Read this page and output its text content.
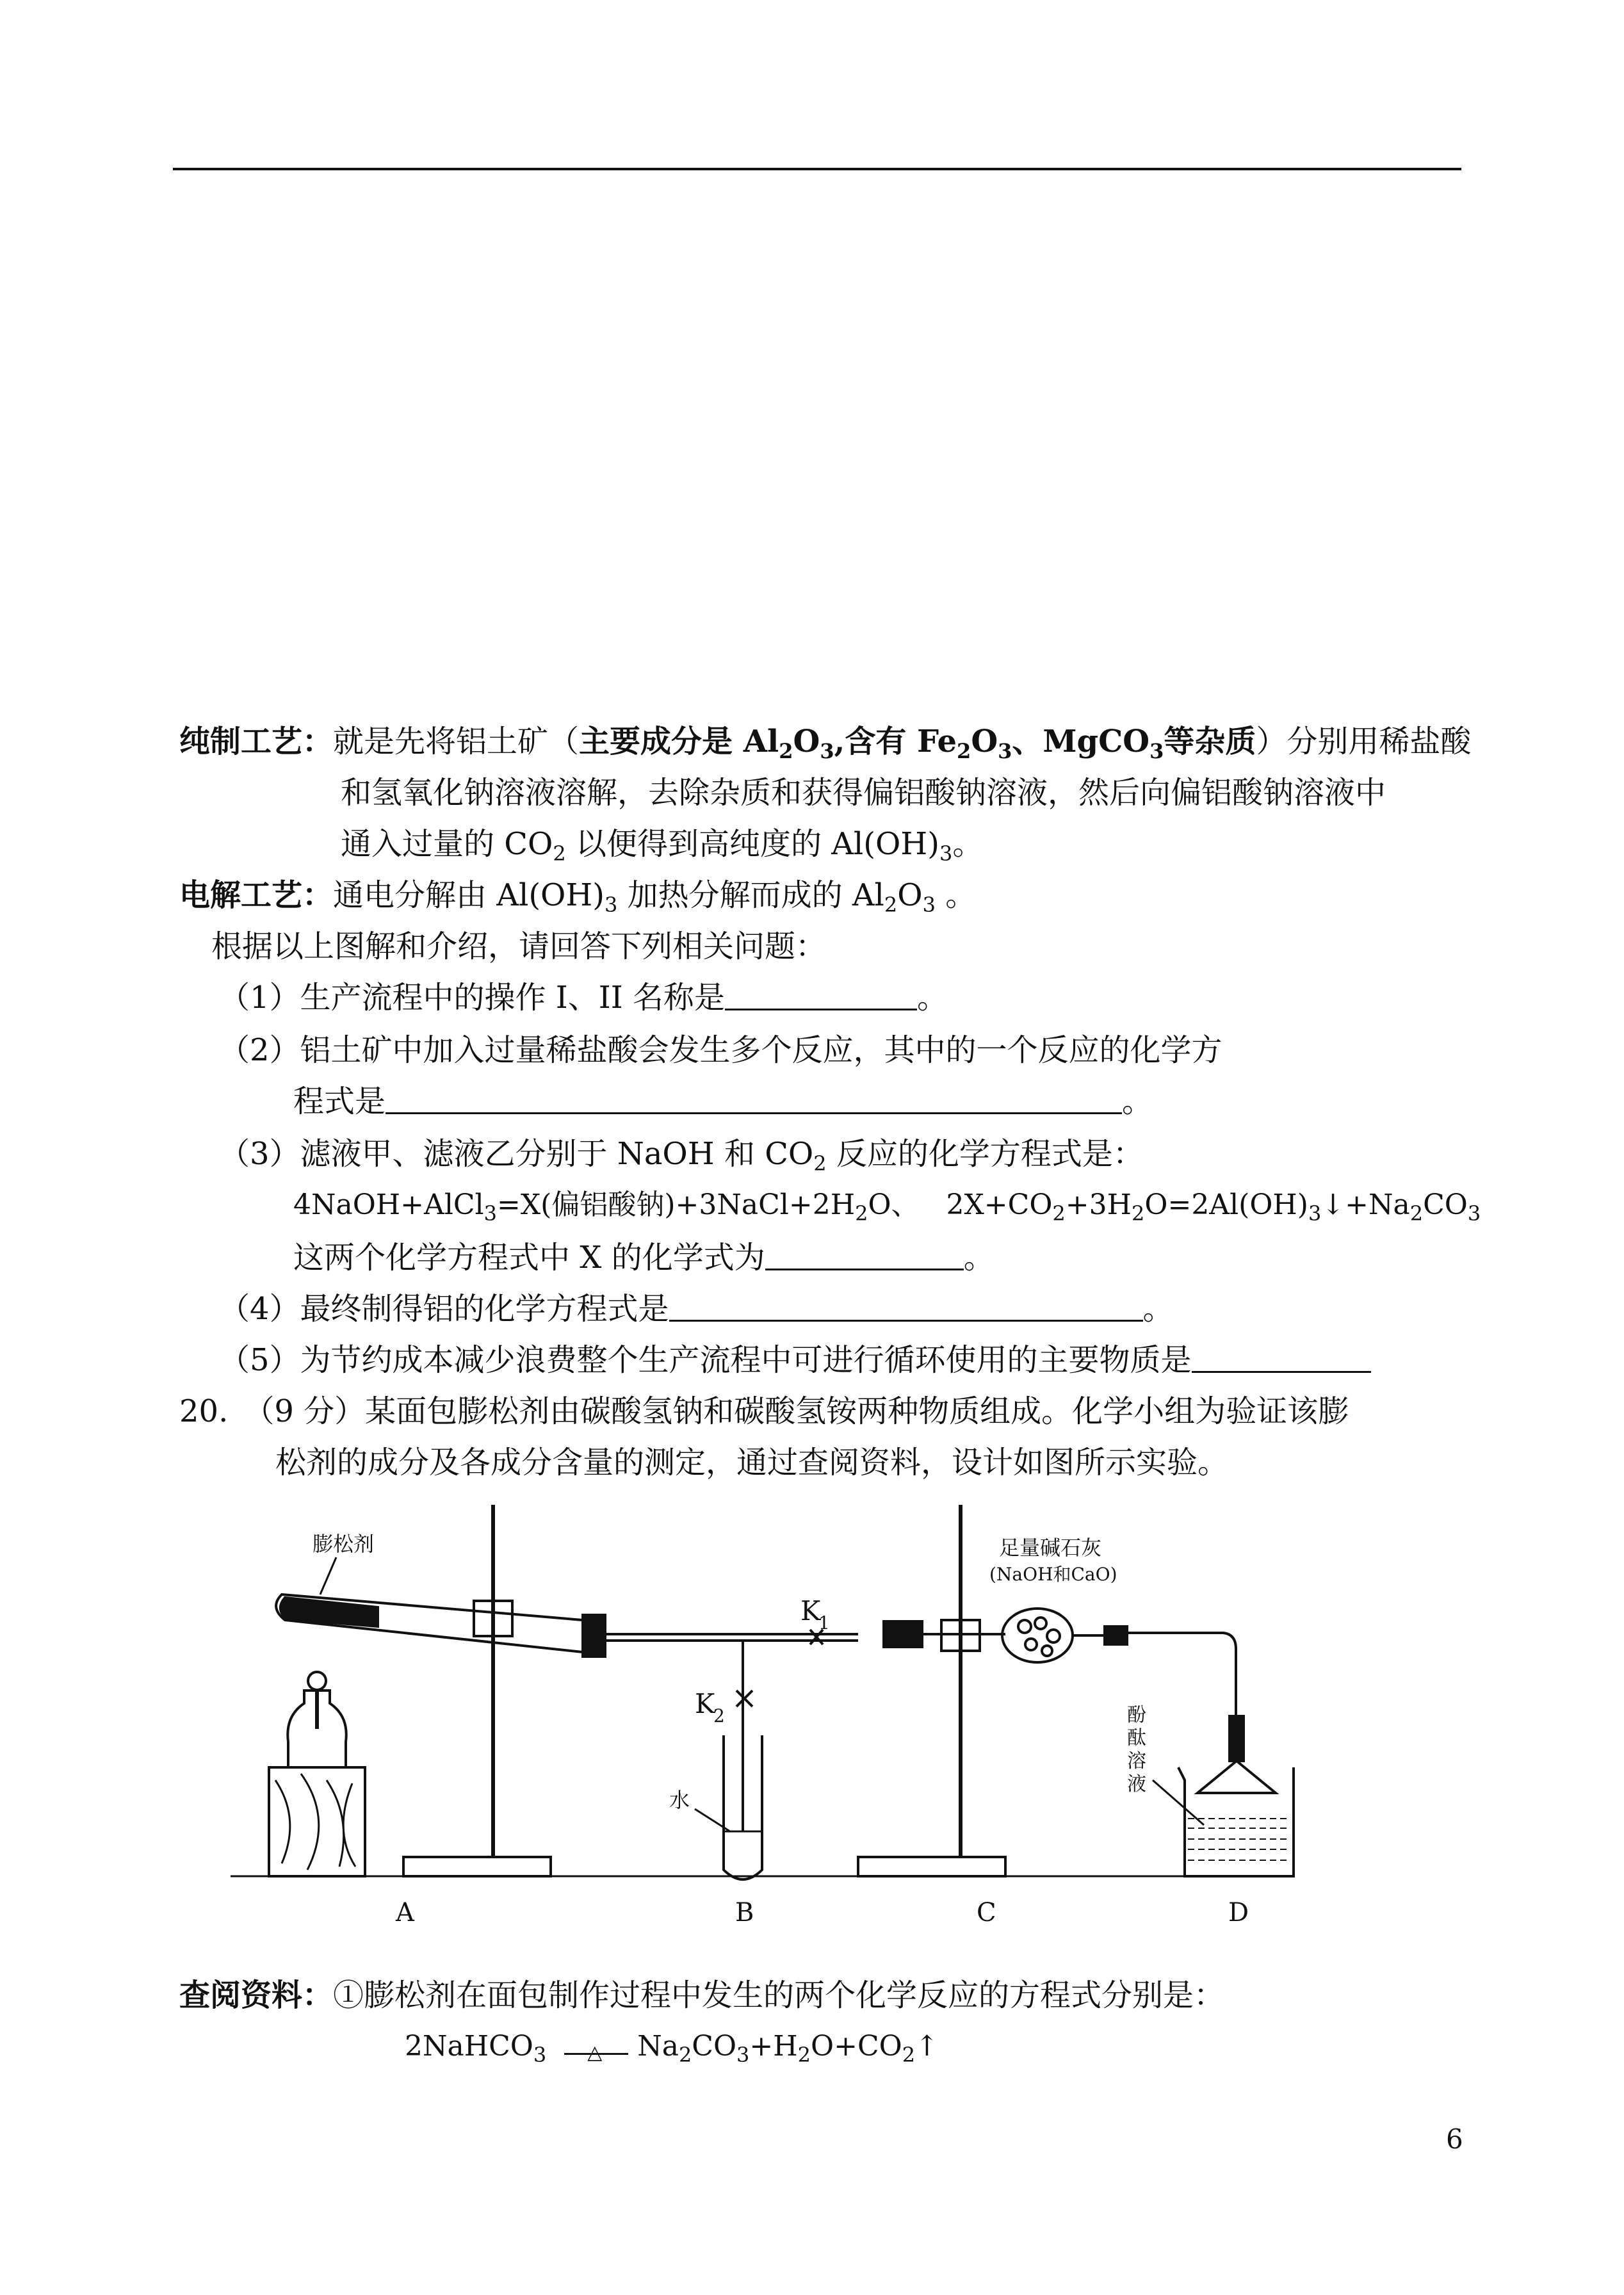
纯制工艺：就是先将铝土矿（主要成分是 $Al_2O_3$,含有 $Fe_2O_3$、MgCO$_3$等杂质）分别用稀盐酸
和氢氧化钠溶液溶解，去除杂质和获得偏铝酸钠溶液，然后向偏铝酸钠溶液中
通入过量的 $CO_2$ 以便得到高纯度的 $Al(OH)_3$。
电解工艺：通电分解由 $Al(OH)_3$ 加热分解而成的 $Al_2O_3$ 。
根据以上图解和介绍，请回答下列相关问题：
（1）生产流程中的操作 I、II 名称是	。
（2）铝土矿中加入过量稀盐酸会发生多个反应，其中的一个反应的化学方
程式是	。
（3）滤液甲、滤液乙分别于 NaOH 和 $CO_2$ 反应的化学方程式是：
4NaOH+AlCl$_3$=X(偏铝酸钠)$+3NaCl+2H_2O$、 $2X+CO_2+3H_2O=2Al(OH)_3↓+Na_2CO_3$
这两个化学方程式中 X 的化学式为	。
（4）最终制得铝的化学方程式是	。
（5）为节约成本减少浪费整个生产流程中可进行循环使用的主要物质是
20.　（9 分）某面包膨松剂由碳酸氢钠和碳酸氢铵两种物质组成。化学小组为验证该膨
松剂的成分及各成分含量的测定，通过查阅资料，设计如图所示实验。
膨松剂
A
K
1
K
2
水
B
足量碱石灰
(NaOH和CaO)
C
酚
酞
溶
液
D
查阅资料：①膨松剂在面包制作过程中发生的两个化学反应的方程式分别是：
2NaHCO$_3$ △ $Na_2CO_3+H_2O+CO_2↑$
6
